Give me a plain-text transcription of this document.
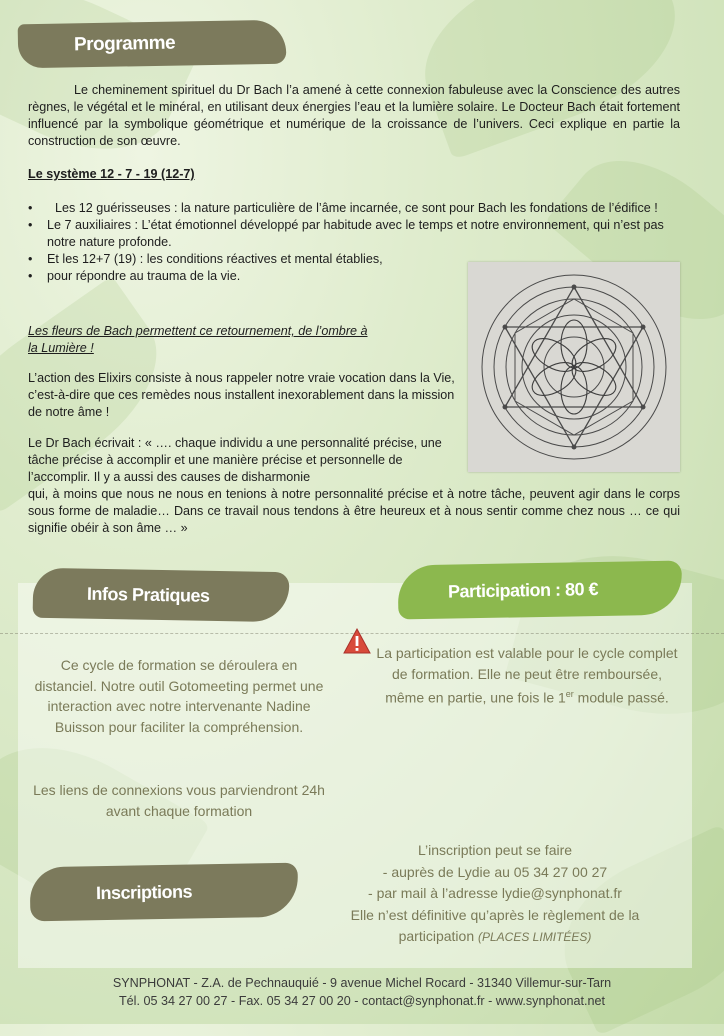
Programme
Le cheminement spirituel du Dr Bach l’a amené à cette connexion fabuleuse avec la Conscience des autres règnes, le végétal et le minéral, en utilisant deux énergies l’eau et la lumière solaire. Le Docteur Bach était fortement influencé par la symbolique géométrique et numérique de la croissance de l’univers. Ceci explique en partie la construction de son œuvre.
Le système 12 - 7 - 19 (12-7)
• Les 12 guérisseuses : la nature particulière de l’âme incarnée, ce sont pour Bach les fondations de l’édifice !
• Le 7 auxiliaires : L’état émotionnel développé par habitude avec le temps et notre environnement, qui n’est pas notre nature profonde.
• Et les 12+7 (19) : les conditions réactives et mental établies,
• pour répondre au trauma de la vie.
Les fleurs de Bach permettent ce retournement, de l’ombre à
la Lumière !
L’action des Elixirs consiste à nous rappeler notre vraie vocation dans la Vie, c’est-à-dire que ces remèdes nous installent inexorablement dans la mission de notre âme !
Le Dr Bach écrivait : « …. chaque individu a une personnalité précise, une tâche précise à accomplir et une manière précise et personnelle de l’accomplir. Il y a aussi des causes de disharmonie
qui, à moins que nous ne nous en tenions à notre personnalité précise et à notre tâche, peuvent agir dans le corps sous forme de maladie… Dans ce travail nous tendons à être heureux et à nous sentir comme chez nous … ce qui signifie obéir à son âme … »
Infos Pratiques
Ce cycle de formation se déroulera en distanciel. Notre outil Gotomeeting permet une interaction avec notre intervenante Nadine Buisson pour faciliter la compréhension.
Les liens de connexions vous parviendront 24h avant chaque formation
Participation : 80 €
La participation est valable pour le cycle complet de formation. Elle ne peut être remboursée, même en partie, une fois le 1er module passé.
Inscriptions
L’inscription peut se faire
- auprès de Lydie au 05 34 27 00 27
- par mail à l’adresse lydie@synphonat.fr
Elle n’est définitive qu’après le règlement de la
participation (PLACES LIMITÉES)
SYNPHONAT - Z.A. de Pechnauquié - 9 avenue Michel Rocard - 31340 Villemur-sur-Tarn
Tél. 05 34 27 00 27 - Fax. 05 34 27 00 20 - contact@synphonat.fr - www.synphonat.net
